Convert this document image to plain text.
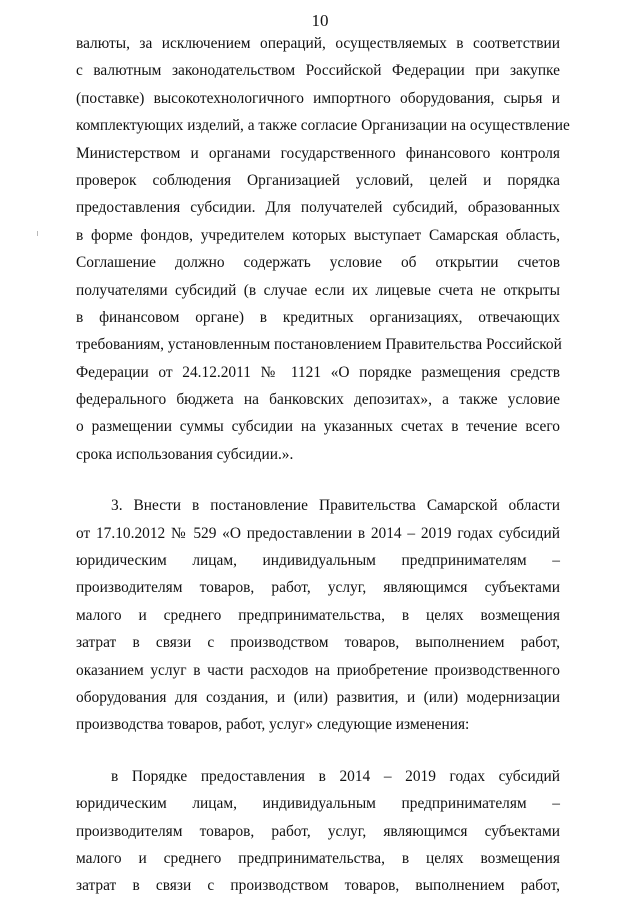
10
валюты, за исключением операций, осуществляемых в соответствии
с валютным законодательством Российской Федерации при закупке
(поставке) высокотехнологичного импортного оборудования, сырья и
комплектующих изделий, а также согласие Организации на осуществление
Министерством и органами государственного финансового контроля
проверок соблюдения Организацией условий, целей и порядка
предоставления субсидии. Для получателей субсидий, образованных
в форме фондов, учредителем которых выступает Самарская область,
Соглашение должно содержать условие об открытии счетов
получателями субсидий (в случае если их лицевые счета не открыты
в финансовом органе) в кредитных организациях, отвечающих
требованиям, установленным постановлением Правительства Российской
Федерации от 24.12.2011 № 1121 «О порядке размещения средств
федерального бюджета на банковских депозитах», а также условие
о размещении суммы субсидии на указанных счетах в течение всего
срока использования субсидии.».
3. Внести в постановление Правительства Самарской области
от 17.10.2012 № 529 «О предоставлении в 2014 – 2019 годах субсидий
юридическим лицам, индивидуальным предпринимателям –
производителям товаров, работ, услуг, являющимся субъектами
малого и среднего предпринимательства, в целях возмещения
затрат в связи с производством товаров, выполнением работ,
оказанием услуг в части расходов на приобретение производственного
оборудования для создания, и (или) развития, и (или) модернизации
производства товаров, работ, услуг» следующие изменения:
в Порядке предоставления в 2014 – 2019 годах субсидий
юридическим лицам, индивидуальным предпринимателям –
производителям товаров, работ, услуг, являющимся субъектами
малого и среднего предпринимательства, в целях возмещения
затрат в связи с производством товаров, выполнением работ,
